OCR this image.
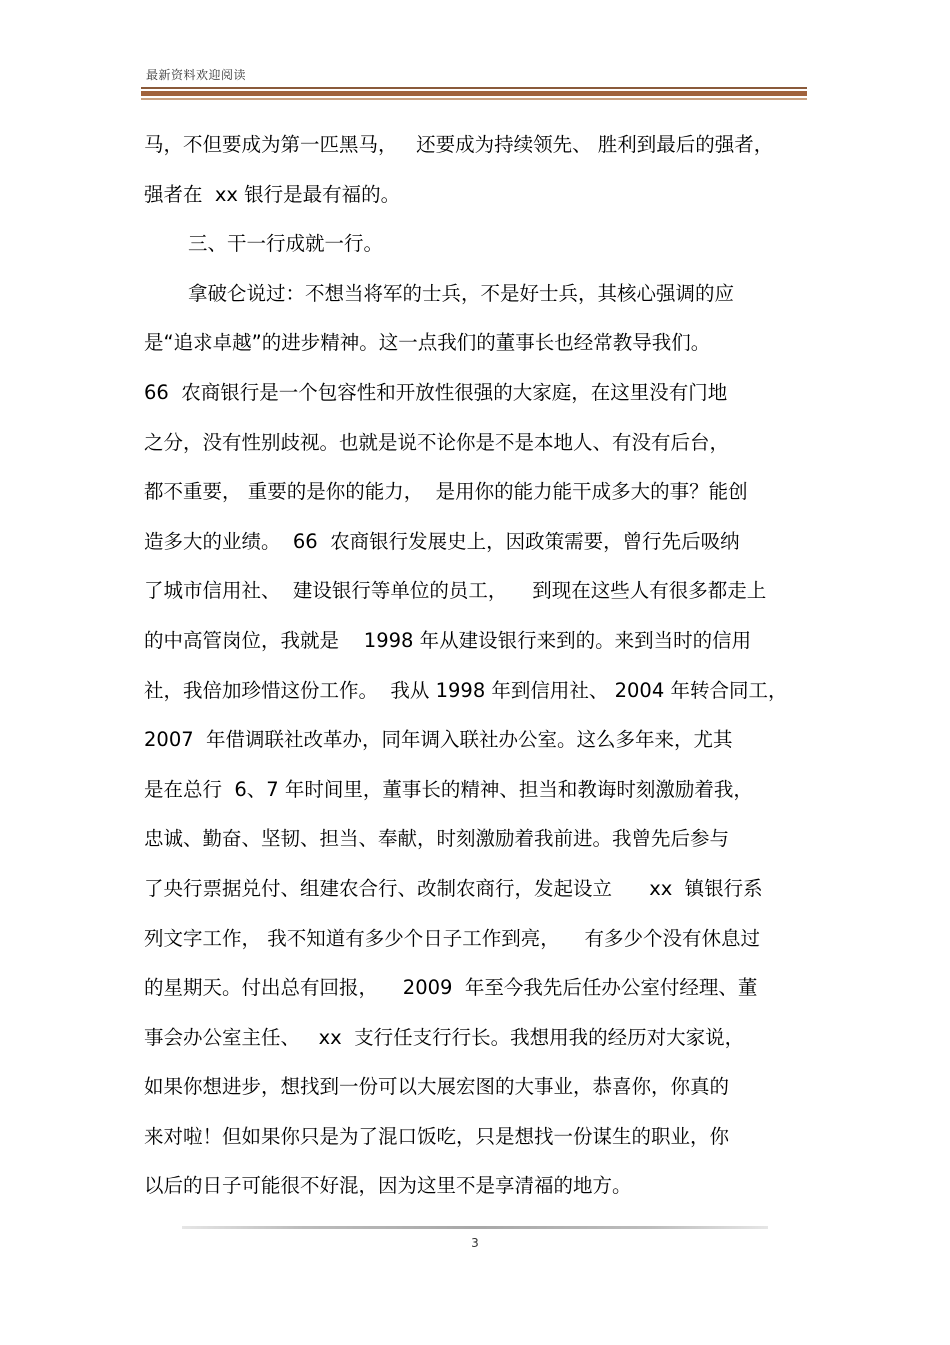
最新资料欢迎阅读
马，不但要成为第一匹黑马，   还要成为持续领先、 胜利到最后的强者，
强者在  xx 银行是最有福的。
三、干一行成就一行。
拿破仑说过：不想当将军的士兵，不是好士兵，其核心强调的应
是“追求卓越”的进步精神。这一点我们的董事长也经常教导我们。
66  农商银行是一个包容性和开放性很强的大家庭，在这里没有门地
之分，没有性别歧视。也就是说不论你是不是本地人、有没有后台，
都不重要， 重要的是你的能力，  是用你的能力能干成多大的事？能创
造多大的业绩。  66  农商银行发展史上，因政策需要，曾行先后吸纳
了城市信用社、  建设银行等单位的员工，    到现在这些人有很多都走上
的中高管岗位，我就是    1998 年从建设银行来到的。来到当时的信用
社，我倍加珍惜这份工作。  我从 1998 年到信用社、 2004 年转合同工，
2007  年借调联社改革办，同年调入联社办公室。这么多年来，尤其
是在总行  6、7 年时间里，董事长的精神、担当和教诲时刻激励着我，
忠诚、勤奋、坚韧、担当、奉献，时刻激励着我前进。我曾先后参与
了央行票据兑付、组建农合行、改制农商行，发起设立      xx  镇银行系
列文字工作， 我不知道有多少个日子工作到亮，    有多少个没有休息过
的星期天。付出总有回报，    2009  年至今我先后任办公室付经理、董
事会办公室主任、   xx  支行任支行行长。我想用我的经历对大家说，
如果你想进步，想找到一份可以大展宏图的大事业，恭喜你，你真的
来对啦！但如果你只是为了混口饭吃，只是想找一份谋生的职业，你
以后的日子可能很不好混，因为这里不是享清福的地方。
3
